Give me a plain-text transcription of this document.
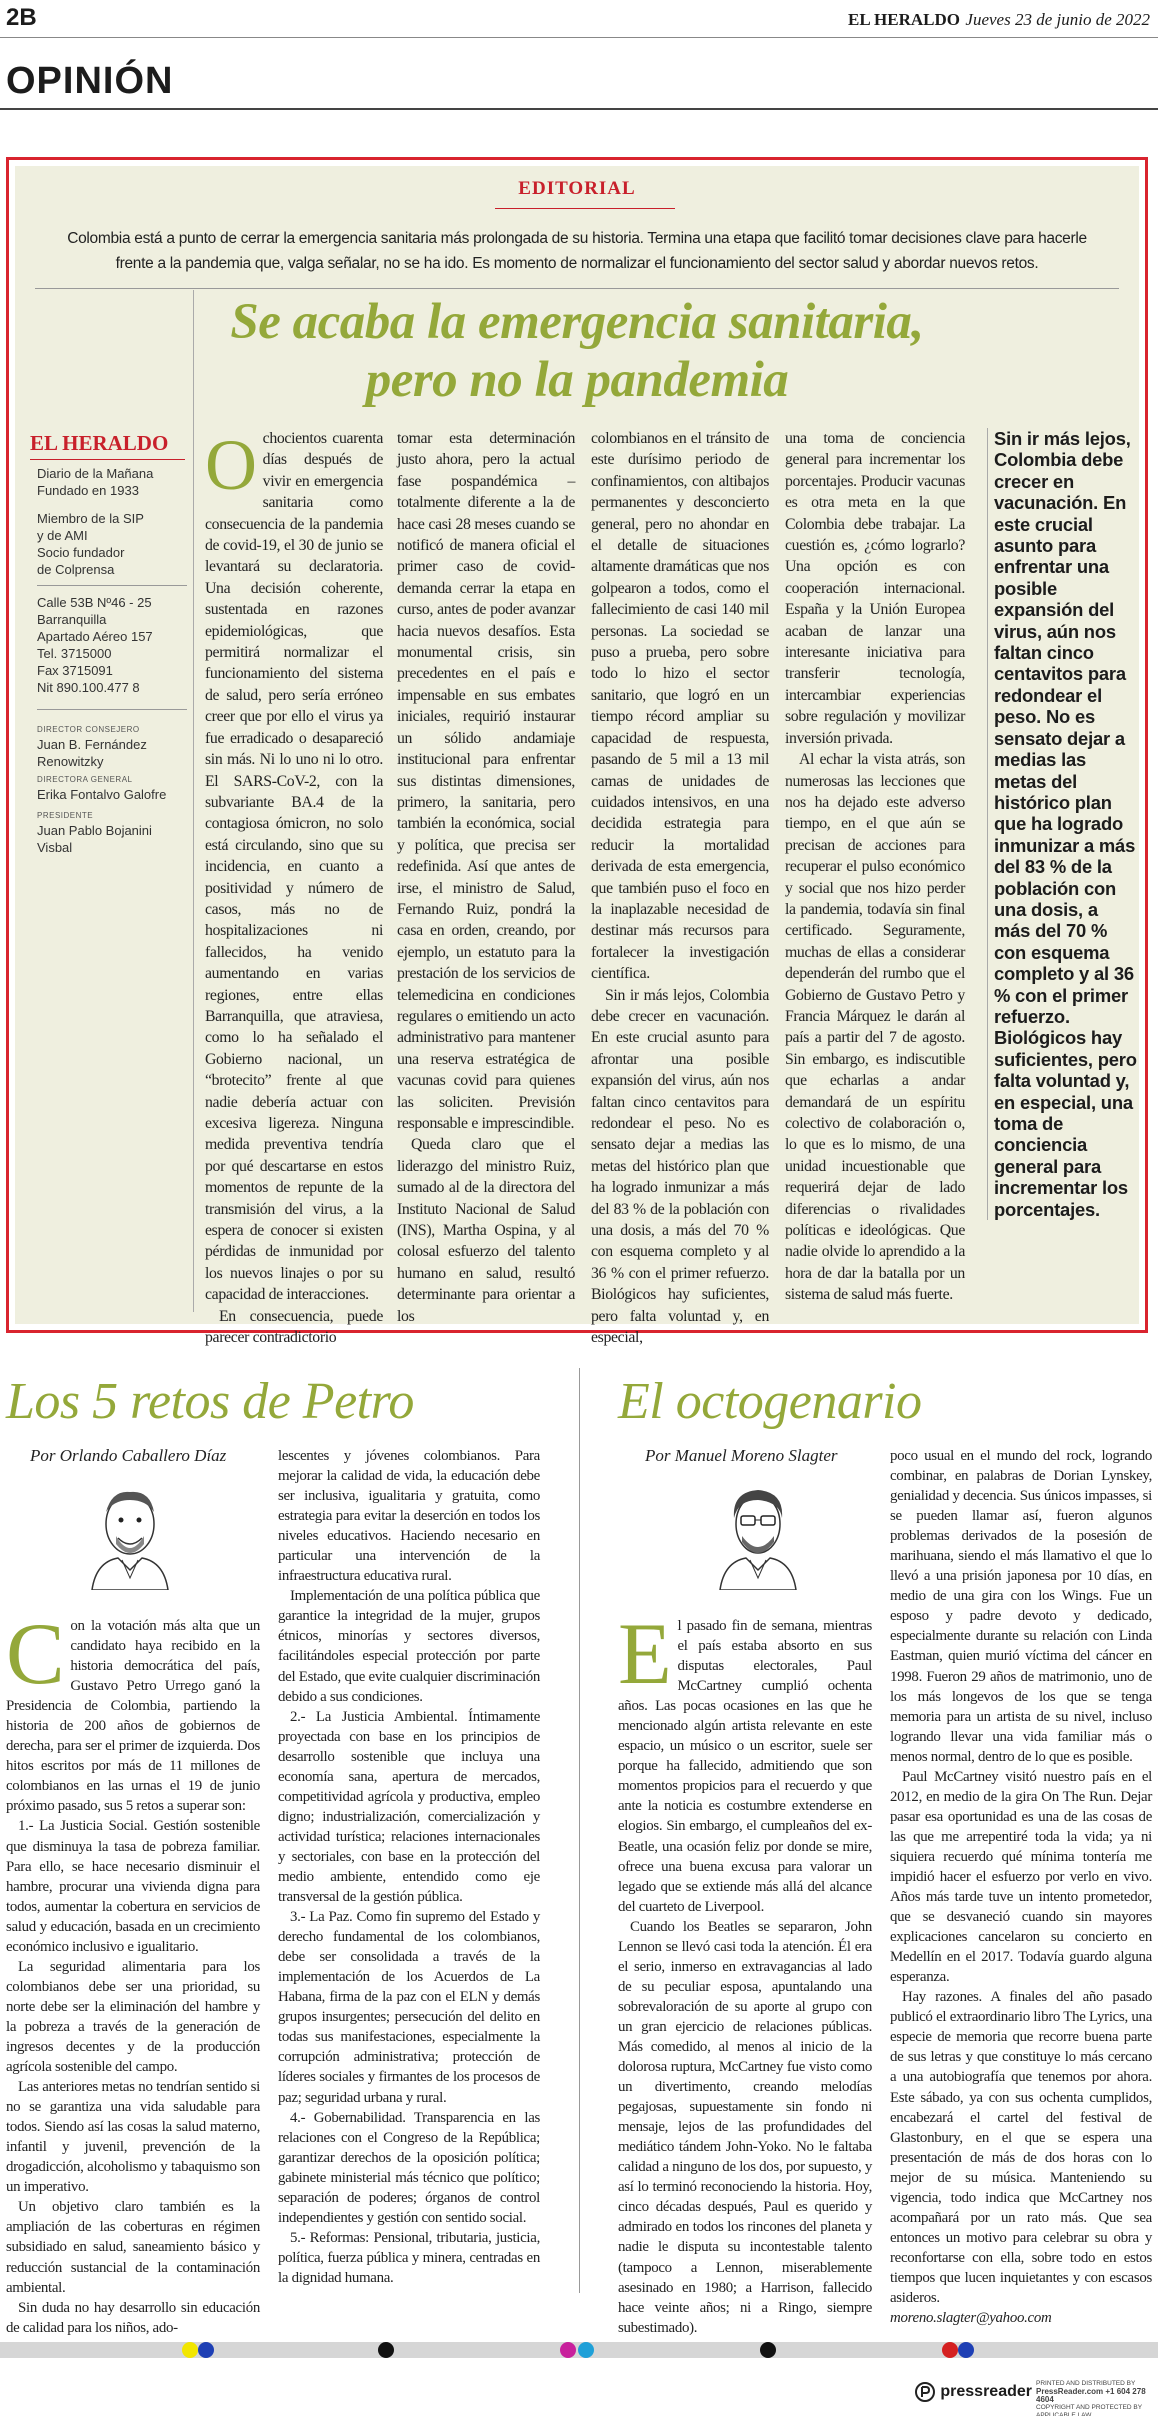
2B	EL HERALDO Jueves 23 de junio de 2022
OPINIÓN
EDITORIAL
Colombia está a punto de cerrar la emergencia sanitaria más prolongada de su historia. Termina una etapa que facilitó tomar decisiones clave para hacerle frente a la pandemia que, valga señalar, no se ha ido. Es momento de normalizar el funcionamiento del sector salud y abordar nuevos retos.
Se acaba la emergencia sanitaria, pero no la pandemia
EL HERALDO
Diario de la Mañana
Fundado en 1933
Miembro de la SIP
y de AMI
Socio fundador
de Colprensa
Calle 53B Nº46 - 25
Barranquilla
Apartado Aéreo 157
Tel. 3715000
Fax 3715091
Nit 890.100.477 8
DIRECTOR CONSEJERO
Juan B. Fernández Renowitzky
DIRECTORA GENERAL
Erika Fontalvo Galofre
PRESIDENTE
Juan Pablo Bojanini Visbal

Ochocientos cuarenta días después de vivir en emergencia sanitaria como consecuencia de la pandemia de covid-19, el 30 de junio se levantará su declaratoria. Una decisión coherente, sustentada en razones epidemiológicas, que permitirá normalizar el funcionamiento del sistema de salud, pero sería erróneo creer que por ello el virus ya fue erradicado o desapareció sin más. Ni lo uno ni lo otro. El SARS-CoV-2, con la subvariante BA.4 de la contagiosa ómicron, no solo está circulando, sino que su incidencia, en cuanto a positividad y número de casos, más no de hospitalizaciones ni fallecidos, ha venido aumentando en varias regiones, entre ellas Barranquilla, que atraviesa, como lo ha señalado el Gobierno nacional, un “brotecito” frente al que nadie debería actuar con excesiva ligereza. Ninguna medida preventiva tendría por qué descartarse en estos momentos de repunte de la transmisión del virus, a la espera de conocer si existen pérdidas de inmunidad por los nuevos linajes o por su capacidad de interacciones.

En consecuencia, puede parecer contradictorio

tomar esta determinación justo ahora, pero la actual fase pospandémica –totalmente diferente a la de hace casi 28 meses cuando se notificó de manera oficial el primer caso de covid- demanda cerrar la etapa en curso, antes de poder avanzar hacia nuevos desafíos. Esta monumental crisis, sin precedentes en el país e impensable en sus embates iniciales, requirió instaurar un sólido andamiaje institucional para enfrentar sus distintas dimensiones, primero, la sanitaria, pero también la económica, social y política, que precisa ser redefinida. Así que antes de irse, el ministro de Salud, Fernando Ruiz, pondrá la casa en orden, creando, por ejemplo, un estatuto para la prestación de los servicios de telemedicina en condiciones regulares o emitiendo un acto administrativo para mantener una reserva estratégica de vacunas covid para quienes las soliciten. Previsión responsable e imprescindible.

Queda claro que el liderazgo del ministro Ruiz, sumado al de la directora del Instituto Nacional de Salud (INS), Martha Ospina, y al colosal esfuerzo del talento humano en salud, resultó determinante para orientar a los

colombianos en el tránsito de este durísimo periodo de confinamientos, con altibajos permanentes y desconcierto general, pero no ahondar en el detalle de situaciones altamente dramáticas que nos golpearon a todos, como el fallecimiento de casi 140 mil personas. La sociedad se puso a prueba, pero sobre todo lo hizo el sector sanitario, que logró en un tiempo récord ampliar su capacidad de respuesta, pasando de 5 mil a 13 mil camas de unidades de cuidados intensivos, en una decidida estrategia para reducir la mortalidad derivada de esta emergencia, que también puso el foco en la inaplazable necesidad de destinar más recursos para fortalecer la investigación científica.

Sin ir más lejos, Colombia debe crecer en vacunación. En este crucial asunto para afrontar una posible expansión del virus, aún nos faltan cinco centavitos para redondear el peso. No es sensato dejar a medias las metas del histórico plan que ha logrado inmunizar a más del 83 % de la población con una dosis, a más del 70 % con esquema completo y al 36 % con el primer refuerzo. Biológicos hay suficientes, pero falta voluntad y, en especial,

una toma de conciencia general para incrementar los porcentajes. Producir vacunas es otra meta en la que Colombia debe trabajar. La cuestión es, ¿cómo lograrlo? Una opción es con cooperación internacional. España y la Unión Europea acaban de lanzar una interesante iniciativa para transferir tecnología, intercambiar experiencias sobre regulación y movilizar inversión privada.

Al echar la vista atrás, son numerosas las lecciones que nos ha dejado este adverso tiempo, en el que aún se precisan de acciones para recuperar el pulso económico y social que nos hizo perder la pandemia, todavía sin final certificado. Seguramente, muchas de ellas a considerar dependerán del rumbo que el Gobierno de Gustavo Petro y Francia Márquez le darán al país a partir del 7 de agosto. Sin embargo, es indiscutible que echarlas a andar demandará de un espíritu colectivo de colaboración o, lo que es lo mismo, de una unidad incuestionable que requerirá dejar de lado diferencias o rivalidades políticas e ideológicas. Que nadie olvide lo aprendido a la hora de dar la batalla por un sistema de salud más fuerte.

Sin ir más lejos, Colombia debe crecer en vacunación. En este crucial asunto para enfrentar una posible expansión del virus, aún nos faltan cinco centavitos para redondear el peso. No es sensato dejar a medias las metas del histórico plan que ha logrado inmunizar a más del 83 % de la población con una dosis, a más del 70 % con esquema completo y al 36 % con el primer refuerzo. Biológicos hay suficientes, pero falta voluntad y, en especial, una toma de conciencia general para incrementar los porcentajes.
Los 5 retos de Petro
Por Orlando Caballero Díaz

Con la votación más alta que un candidato haya recibido en la historia democrática del país, Gustavo Petro Urrego ganó la Presidencia de Colombia, partiendo la historia de 200 años de gobiernos de derecha, para ser el primer de izquierda. Dos hitos escritos por más de 11 millones de colombianos en las urnas el 19 de junio próximo pasado, sus 5 retos a superar son:

1.- La Justicia Social. Gestión sostenible que disminuya la tasa de pobreza familiar. Para ello, se hace necesario disminuir el hambre, procurar una vivienda digna para todos, aumentar la cobertura en servicios de salud y educación, basada en un crecimiento económico inclusivo e igualitario.

La seguridad alimentaria para los colombianos debe ser una prioridad, su norte debe ser la eliminación del hambre y la pobreza a través de la generación de ingresos decentes y de la producción agrícola sostenible del campo.

Las anteriores metas no tendrían sentido si no se garantiza una vida saludable para todos. Siendo así las cosas la salud materno, infantil y juvenil, prevención de la drogadicción, alcoholismo y tabaquismo son un imperativo.

Un objetivo claro también es la ampliación de las coberturas en régimen subsidiado en salud, saneamiento básico y reducción sustancial de la contaminación ambiental.

Sin duda no hay desarrollo sin educación de calidad para los niños, ado-

lescentes y jóvenes colombianos. Para mejorar la calidad de vida, la educación debe ser inclusiva, igualitaria y gratuita, como estrategia para evitar la deserción en todos los niveles educativos. Haciendo necesario en particular una intervención de la infraestructura educativa rural.

Implementación de una política pública que garantice la integridad de la mujer, grupos étnicos, minorías y sectores diversos, facilitándoles especial protección por parte del Estado, que evite cualquier discriminación debido a sus condiciones.

2.- La Justicia Ambiental. Íntimamente proyectada con base en los principios de desarrollo sostenible que incluya una economía sana, apertura de mercados, competitividad agrícola y productiva, empleo digno; industrialización, comercialización y actividad turística; relaciones internacionales y sectoriales, con base en la protección del medio ambiente, entendido como eje transversal de la gestión pública.

3.- La Paz. Como fin supremo del Estado y derecho fundamental de los colombianos, debe ser consolidada a través de la implementación de los Acuerdos de La Habana, firma de la paz con el ELN y demás grupos insurgentes; persecución del delito en todas sus manifestaciones, especialmente la corrupción administrativa; protección de líderes sociales y firmantes de los procesos de paz; seguridad urbana y rural.

4.- Gobernabilidad. Transparencia en las relaciones con el Congreso de la República; garantizar derechos de la oposición política; gabinete ministerial más técnico que político; separación de poderes; órganos de control independientes y gestión con sentido social.

5.- Reformas: Pensional, tributaria, justicia, política, fuerza pública y minera, centradas en la dignidad humana.

El octogenario
Por Manuel Moreno Slagter

El pasado fin de semana, mientras el país estaba absorto en sus disputas electorales, Paul McCartney cumplió ochenta años. Las pocas ocasiones en las que he mencionado algún artista relevante en este espacio, un músico o un escritor, suele ser porque ha fallecido, admitiendo que son momentos propicios para el recuerdo y que ante la noticia es costumbre extenderse en elogios. Sin embargo, el cumpleaños del ex-Beatle, una ocasión feliz por donde se mire, ofrece una buena excusa para valorar un legado que se extiende más allá del alcance del cuarteto de Liverpool.

Cuando los Beatles se separaron, John Lennon se llevó casi toda la atención. Él era el serio, inmerso en extravagancias al lado de su peculiar esposa, apuntalando una sobrevaloración de su aporte al grupo con un gran ejercicio de relaciones públicas. Más comedido, al menos al inicio de la dolorosa ruptura, McCartney fue visto como un divertimento, creando melodías pegajosas, supuestamente sin fondo ni mensaje, lejos de las profundidades del mediático tándem John-Yoko. No le faltaba calidad a ninguno de los dos, por supuesto, y así lo terminó reconociendo la historia. Hoy, cinco décadas después, Paul es querido y admirado en todos los rincones del planeta y nadie le disputa su incontestable talento (tampoco a Lennon, miserablemente asesinado en 1980; a Harrison, fallecido hace veinte años; ni a Ringo, siempre subestimado).

poco usual en el mundo del rock, logrando combinar, en palabras de Dorian Lynskey, genialidad y decencia. Sus únicos impasses, si se pueden llamar así, fueron algunos problemas derivados de la posesión de marihuana, siendo el más llamativo el que lo llevó a una prisión japonesa por 10 días, en medio de una gira con los Wings. Fue un esposo y padre devoto y dedicado, especialmente durante su relación con Linda Eastman, quien murió víctima del cáncer en 1998. Fueron 29 años de matrimonio, uno de los más longevos de los que se tenga memoria para un artista de su nivel, incluso logrando llevar una vida familiar más o menos normal, dentro de lo que es posible.

Paul McCartney visitó nuestro país en el 2012, en medio de la gira On The Run. Dejar pasar esa oportunidad es una de las cosas de las que me arrepentiré toda la vida; ya ni siquiera recuerdo qué mínima tontería me impidió hacer el esfuerzo por verlo en vivo. Años más tarde tuve un intento prometedor, que se desvaneció cuando sin mayores explicaciones cancelaron su concierto en Medellín en el 2017. Todavía guardo alguna esperanza.

Hay razones. A finales del año pasado publicó el extraordinario libro The Lyrics, una especie de memoria que recorre buena parte de sus letras y que constituye lo más cercano a una autobiografía que tenemos por ahora. Este sábado, ya con sus ochenta cumplidos, encabezará el cartel del festival de Glastonbury, en el que se espera una presentación de más de dos horas con lo mejor de su música. Manteniendo su vigencia, todo indica que McCartney nos acompañará por un rato más. Que sea entonces un motivo para celebrar su obra y reconfortarse con ella, sobre todo en estos tiempos que lucen inquietantes y con escasos asideros.

moreno.slagter@yahoo.com

pressreader PRINTED AND DISTRIBUTED BY
PressReader.com +1 604 278 4604
COPYRIGHT AND PROTECTED BY APPLICABLE LAW
